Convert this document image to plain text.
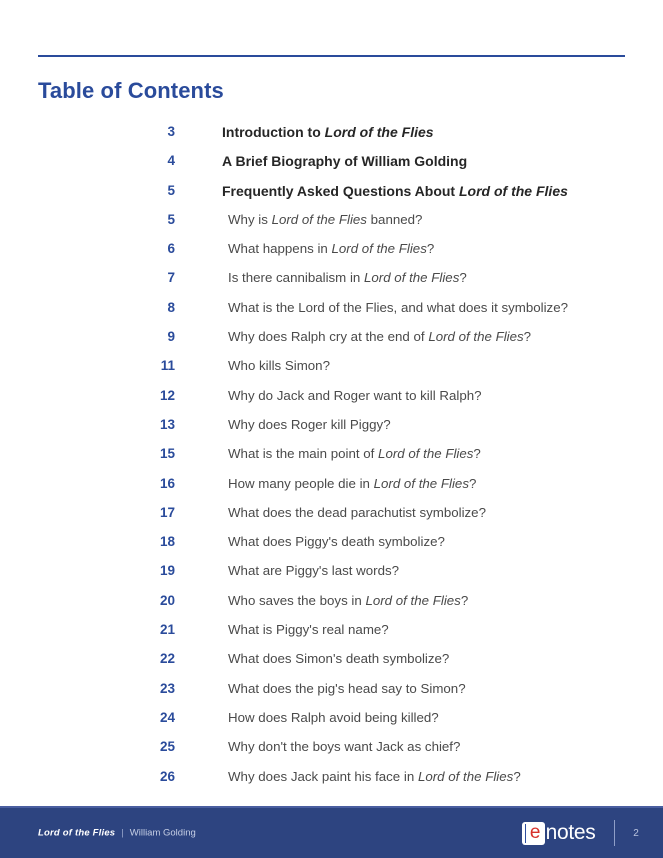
Table of Contents
3	Introduction to Lord of the Flies
4	A Brief Biography of William Golding
5	Frequently Asked Questions About Lord of the Flies
5	Why is Lord of the Flies banned?
6	What happens in Lord of the Flies?
7	Is there cannibalism in Lord of the Flies?
8	What is the Lord of the Flies, and what does it symbolize?
9	Why does Ralph cry at the end of Lord of the Flies?
11	Who kills Simon?
12	Why do Jack and Roger want to kill Ralph?
13	Why does Roger kill Piggy?
15	What is the main point of Lord of the Flies?
16	How many people die in Lord of the Flies?
17	What does the dead parachutist symbolize?
18	What does Piggy's death symbolize?
19	What are Piggy's last words?
20	Who saves the boys in Lord of the Flies?
21	What is Piggy's real name?
22	What does Simon's death symbolize?
23	What does the pig's head say to Simon?
24	How does Ralph avoid being killed?
25	Why don't the boys want Jack as chief?
26	Why does Jack paint his face in Lord of the Flies?
Lord of the Flies | William Golding	e notes	2
